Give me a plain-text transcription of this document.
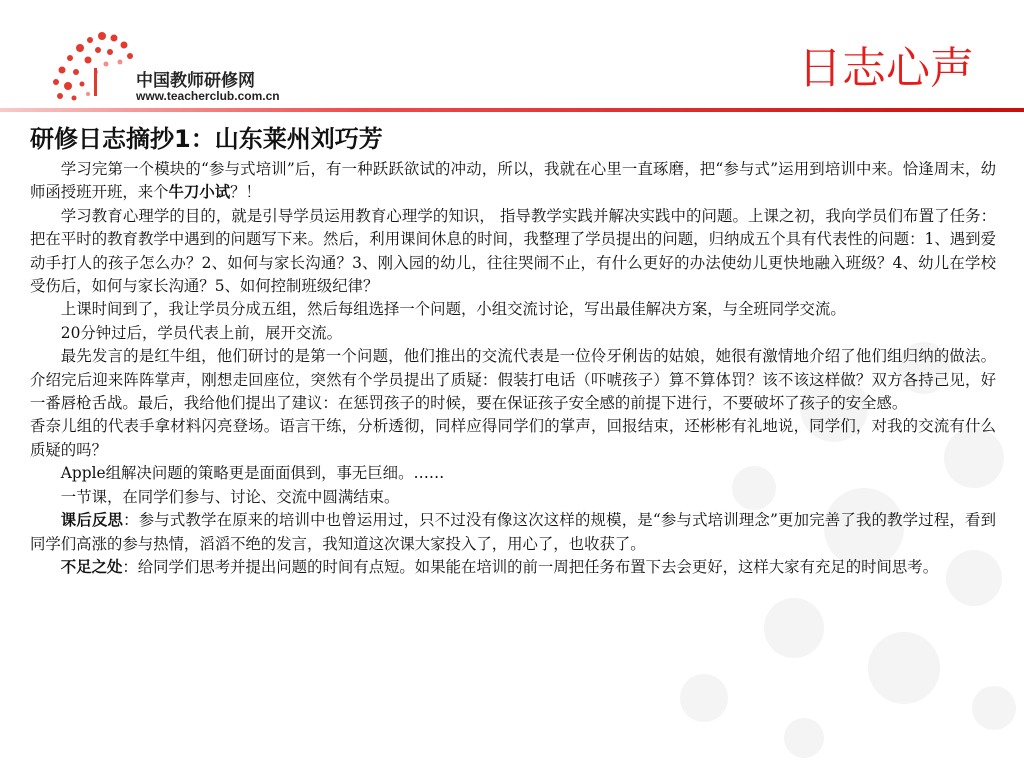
中国教师研修网
www.teacherclub.com.cn
日志心声
研修日志摘抄1：山东莱州刘巧芳

学习完第一个模块的“参与式培训”后，有一种跃跃欲试的冲动，所以，我就在心里一直琢磨，把“参与式”运用到培训中来。恰逢周末，幼师函授班开班，来个牛刀小试？！

学习教育心理学的目的，就是引导学员运用教育心理学的知识， 指导教学实践并解决实践中的问题。上课之初，我向学员们布置了任务：把在平时的教育教学中遇到的问题写下来。然后，利用课间休息的时间，我整理了学员提出的问题，归纳成五个具有代表性的问题：1、遇到爱动手打人的孩子怎么办？2、如何与家长沟通？3、刚入园的幼儿，往往哭闹不止，有什么更好的办法使幼儿更快地融入班级？4、幼儿在学校受伤后，如何与家长沟通？5、如何控制班级纪律？

上课时间到了，我让学员分成五组，然后每组选择一个问题，小组交流讨论，写出最佳解决方案，与全班同学交流。

20分钟过后，学员代表上前，展开交流。

最先发言的是红牛组，他们研讨的是第一个问题，他们推出的交流代表是一位伶牙俐齿的姑娘，她很有激情地介绍了他们组归纳的做法。介绍完后迎来阵阵掌声，刚想走回座位，突然有个学员提出了质疑：假装打电话（吓唬孩子）算不算体罚？该不该这样做？双方各持己见，好一番唇枪舌战。最后，我给他们提出了建议：在惩罚孩子的时候，要在保证孩子安全感的前提下进行，不要破坏了孩子的安全感。

香奈儿组的代表手拿材料闪亮登场。语言干练，分析透彻，同样应得同学们的掌声，回报结束，还彬彬有礼地说，同学们，对我的交流有什么质疑的吗？

Apple组解决问题的策略更是面面俱到，事无巨细。……

一节课，在同学们参与、讨论、交流中圆满结束。

课后反思：参与式教学在原来的培训中也曾运用过，只不过没有像这次这样的规模，是“参与式培训理念”更加完善了我的教学过程，看到同学们高涨的参与热情，滔滔不绝的发言，我知道这次课大家投入了，用心了，也收获了。

不足之处：给同学们思考并提出问题的时间有点短。如果能在培训的前一周把任务布置下去会更好，这样大家有充足的时间思考。
